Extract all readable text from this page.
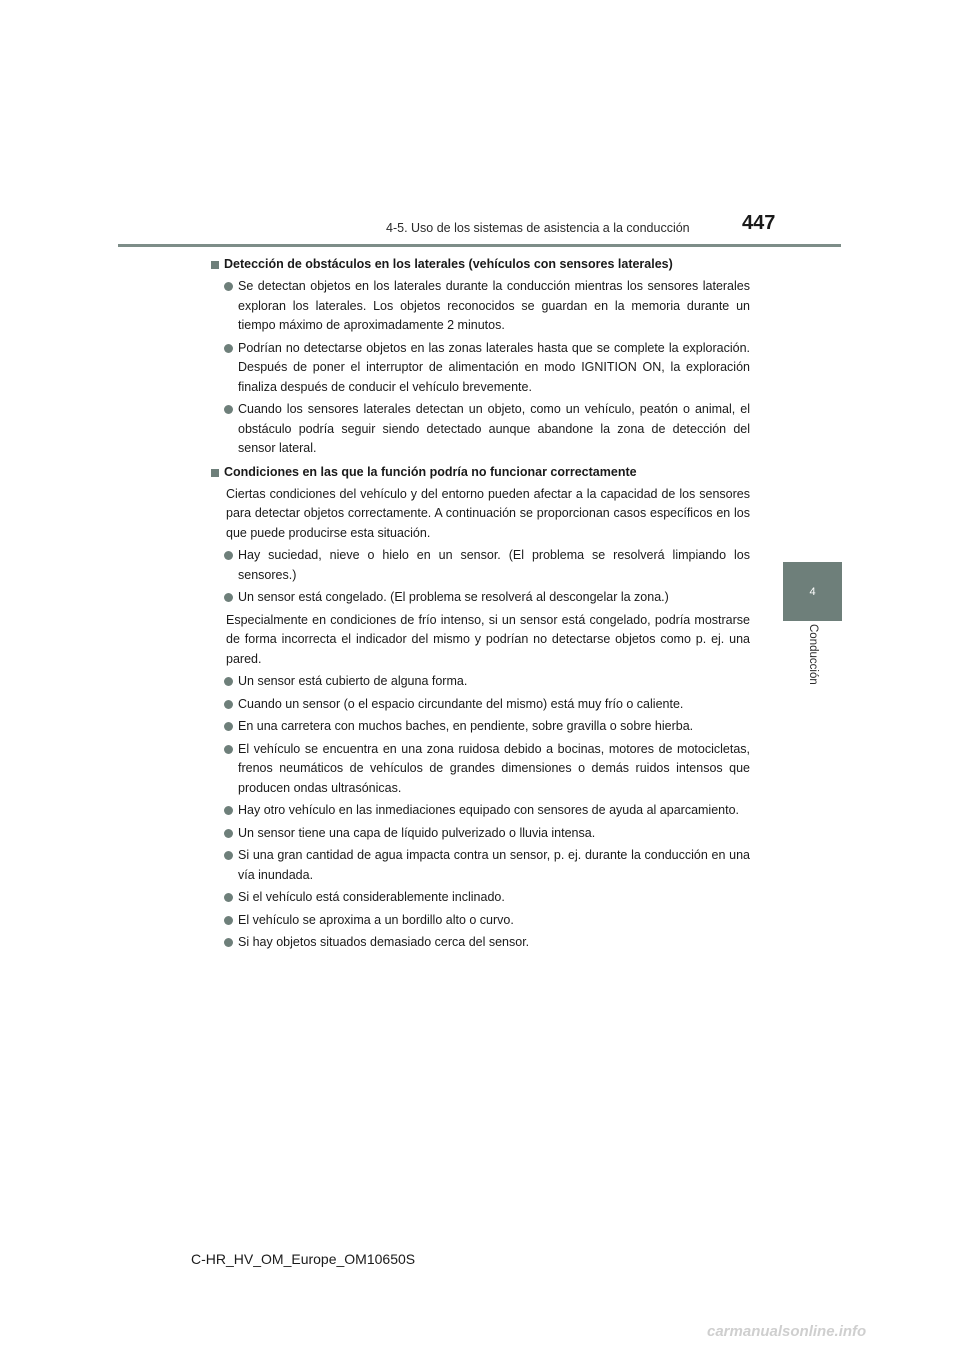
4-5. Uso de los sistemas de asistencia a la conducción	447
4
Conducción
Detección de obstáculos en los laterales (vehículos con sensores laterales)
Se detectan objetos en los laterales durante la conducción mientras los sensores laterales exploran los laterales. Los objetos reconocidos se guardan en la memoria durante un tiempo máximo de aproximadamente 2 minutos.
Podrían no detectarse objetos en las zonas laterales hasta que se complete la exploración. Después de poner el interruptor de alimentación en modo IGNITION ON, la exploración finaliza después de conducir el vehículo brevemente.
Cuando los sensores laterales detectan un objeto, como un vehículo, peatón o animal, el obstáculo podría seguir siendo detectado aunque abandone la zona de detección del sensor lateral.
Condiciones en las que la función podría no funcionar correctamente
Ciertas condiciones del vehículo y del entorno pueden afectar a la capacidad de los sensores para detectar objetos correctamente. A continuación se proporcionan casos específicos en los que puede producirse esta situación.
Hay suciedad, nieve o hielo en un sensor. (El problema se resolverá limpiando los sensores.)
Un sensor está congelado. (El problema se resolverá al descongelar la zona.)
Especialmente en condiciones de frío intenso, si un sensor está congelado, podría mostrarse de forma incorrecta el indicador del mismo y podrían no detectarse objetos como p. ej. una pared.
Un sensor está cubierto de alguna forma.
Cuando un sensor (o el espacio circundante del mismo) está muy frío o caliente.
En una carretera con muchos baches, en pendiente, sobre gravilla o sobre hierba.
El vehículo se encuentra en una zona ruidosa debido a bocinas, motores de motocicletas, frenos neumáticos de vehículos de grandes dimensiones o demás ruidos intensos que producen ondas ultrasónicas.
Hay otro vehículo en las inmediaciones equipado con sensores de ayuda al aparcamiento.
Un sensor tiene una capa de líquido pulverizado o lluvia intensa.
Si una gran cantidad de agua impacta contra un sensor, p. ej. durante la conducción en una vía inundada.
Si el vehículo está considerablemente inclinado.
El vehículo se aproxima a un bordillo alto o curvo.
Si hay objetos situados demasiado cerca del sensor.
C-HR_HV_OM_Europe_OM10650S
carmanualsonline.info
